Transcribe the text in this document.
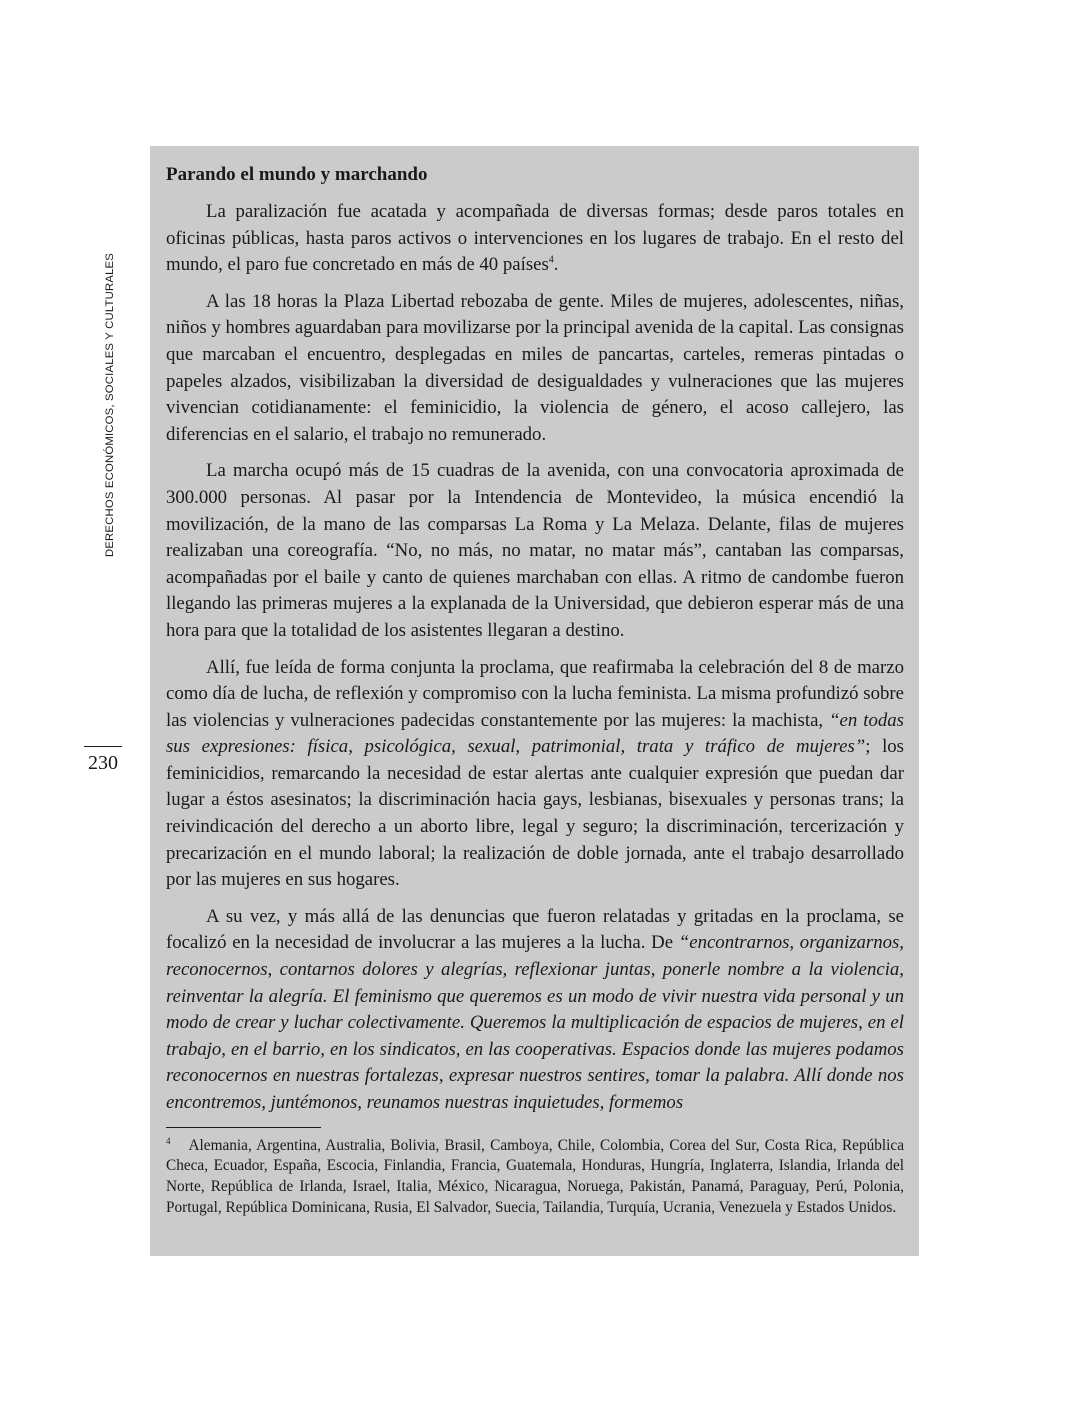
DERECHOS ECONÓMICOS, SOCIALES Y CULTURALES
230
Parando el mundo y marchando

La paralización fue acatada y acompañada de diversas formas; desde paros totales en oficinas públicas, hasta paros activos o intervenciones en los lugares de trabajo. En el resto del mundo, el paro fue concretado en más de 40 países$^4$.

A las 18 horas la Plaza Libertad rebozaba de gente. Miles de mujeres, adolescentes, niñas, niños y hombres aguardaban para movilizarse por la principal avenida de la capital. Las consignas que marcaban el encuentro, desplegadas en miles de pancartas, carteles, remeras pintadas o papeles alzados, visibilizaban la diversidad de desigualdades y vulneraciones que las mujeres vivencian cotidianamente: el feminicidio, la violencia de género, el acoso callejero, las diferencias en el salario, el trabajo no remunerado.

La marcha ocupó más de 15 cuadras de la avenida, con una convocatoria aproximada de 300.000 personas. Al pasar por la Intendencia de Montevideo, la música encendió la movilización, de la mano de las comparsas La Roma y La Melaza. Delante, filas de mujeres realizaban una coreografía. “No, no más, no matar, no matar más”, cantaban las comparsas, acompañadas por el baile y canto de quienes marchaban con ellas. A ritmo de candombe fueron llegando las primeras mujeres a la explanada de la Universidad, que debieron esperar más de una hora para que la totalidad de los asistentes llegaran a destino.

Allí, fue leída de forma conjunta la proclama, que reafirmaba la celebración del 8 de marzo como día de lucha, de reflexión y compromiso con la lucha feminista. La misma profundizó sobre las violencias y vulneraciones padecidas constantemente por las mujeres: la machista, “en todas sus expresiones: física, psicológica, sexual, patrimonial, trata y tráfico de mujeres”; los feminicidios, remarcando la necesidad de estar alertas ante cualquier expresión que puedan dar lugar a éstos asesinatos; la discriminación hacia gays, lesbianas, bisexuales y personas trans; la reivindicación del derecho a un aborto libre, legal y seguro; la discriminación, tercerización y precarización en el mundo laboral; la realización de doble jornada, ante el trabajo desarrollado por las mujeres en sus hogares.

A su vez, y más allá de las denuncias que fueron relatadas y gritadas en la proclama, se focalizó en la necesidad de involucrar a las mujeres a la lucha. De “encontrarnos, organizarnos, reconocernos, contarnos dolores y alegrías, reflexionar juntas, ponerle nombre a la violencia, reinventar la alegría. El feminismo que queremos es un modo de vivir nuestra vida personal y un modo de crear y luchar colectivamente. Queremos la multiplicación de espacios de mujeres, en el trabajo, en el barrio, en los sindicatos, en las cooperativas. Espacios donde las mujeres podamos reconocernos en nuestras fortalezas, expresar nuestros sentires, tomar la palabra. Allí donde nos encontremos, juntémonos, reunamos nuestras inquietudes, formemos

$^4$ Alemania, Argentina, Australia, Bolivia, Brasil, Camboya, Chile, Colombia, Corea del Sur, Costa Rica, República Checa, Ecuador, España, Escocia, Finlandia, Francia, Guatemala, Honduras, Hungría, Inglaterra, Islandia, Irlanda del Norte, República de Irlanda, Israel, Italia, México, Nicaragua, Noruega, Pakistán, Panamá, Paraguay, Perú, Polonia, Portugal, República Dominicana, Rusia, El Salvador, Suecia, Tailandia, Turquía, Ucrania, Venezuela y Estados Unidos.
